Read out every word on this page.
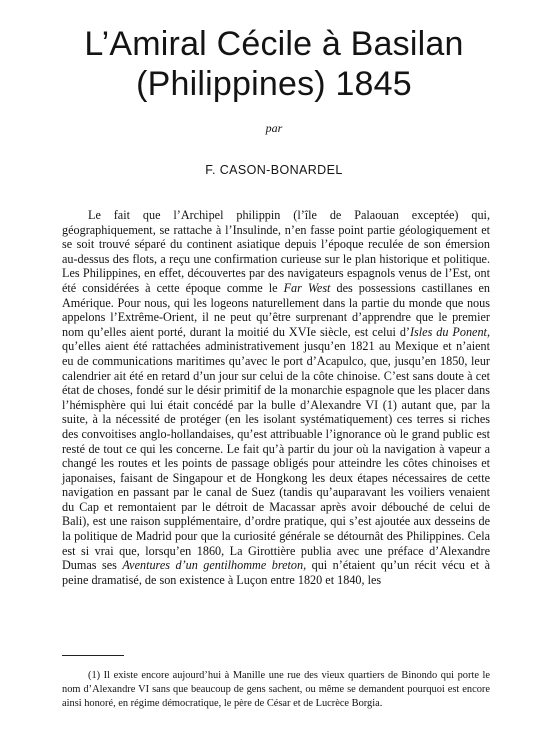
L’Amiral Cécile à Basilan
(Philippines) 1845
par
F. CASON-BONARDEL

Le fait que l’Archipel philippin (l’île de Palaouan exceptée) qui, géographiquement, se rattache à l’Insulinde, n’en fasse point partie géologiquement et se soit trouvé séparé du continent asiatique depuis l’époque reculée de son émersion au-dessus des flots, a reçu une confirmation curieuse sur le plan historique et politique. Les Philippines, en effet, découvertes par des navigateurs espagnols venus de l’Est, ont été considérées à cette époque comme le Far West des possessions castillanes en Amérique. Pour nous, qui les logeons naturellement dans la partie du monde que nous appelons l’Extrême-Orient, il ne peut qu’être surprenant d’apprendre que le premier nom qu’elles aient porté, durant la moitié du XVIe siècle, est celui d’Isles du Ponent, qu’elles aient été rattachées administrativement jusqu’en 1821 au Mexique et n’aient eu de communications maritimes qu’avec le port d’Acapulco, que, jusqu’en 1850, leur calendrier ait été en retard d’un jour sur celui de la côte chinoise. C’est sans doute à cet état de choses, fondé sur le désir primitif de la monarchie espagnole que les placer dans l’hémisphère qui lui était concédé par la bulle d’Alexandre VI (1) autant que, par la suite, à la nécessité de protéger (en les isolant systématiquement) ces terres si riches des convoitises anglo-hollandaises, qu’est attribuable l’ignorance où le grand public est resté de tout ce qui les concerne. Le fait qu’à partir du jour où la navigation à vapeur a changé les routes et les points de passage obligés pour atteindre les côtes chinoises et japonaises, faisant de Singapour et de Hongkong les deux étapes nécessaires de cette navigation en passant par le canal de Suez (tandis qu’auparavant les voiliers venaient du Cap et remontaient par le détroit de Macassar après avoir débouché de celui de Bali), est une raison supplémentaire, d’ordre pratique, qui s’est ajoutée aux desseins de la politique de Madrid pour que la curiosité générale se détournât des Philippines. Cela est si vrai que, lorsqu’en 1860, La Girottière publia avec une préface d’Alexandre Dumas ses Aventures d’un gentilhomme breton, qui n’étaient qu’un récit vécu et à peine dramatisé, de son existence à Luçon entre 1820 et 1840, les

(1) Il existe encore aujourd’hui à Manille une rue des vieux quartiers de Binondo qui porte le nom d’Alexandre VI sans que beaucoup de gens sachent, ou même se demandent pourquoi est encore ainsi honoré, en régime démocratique, le père de César et de Lucrèce Borgia.
